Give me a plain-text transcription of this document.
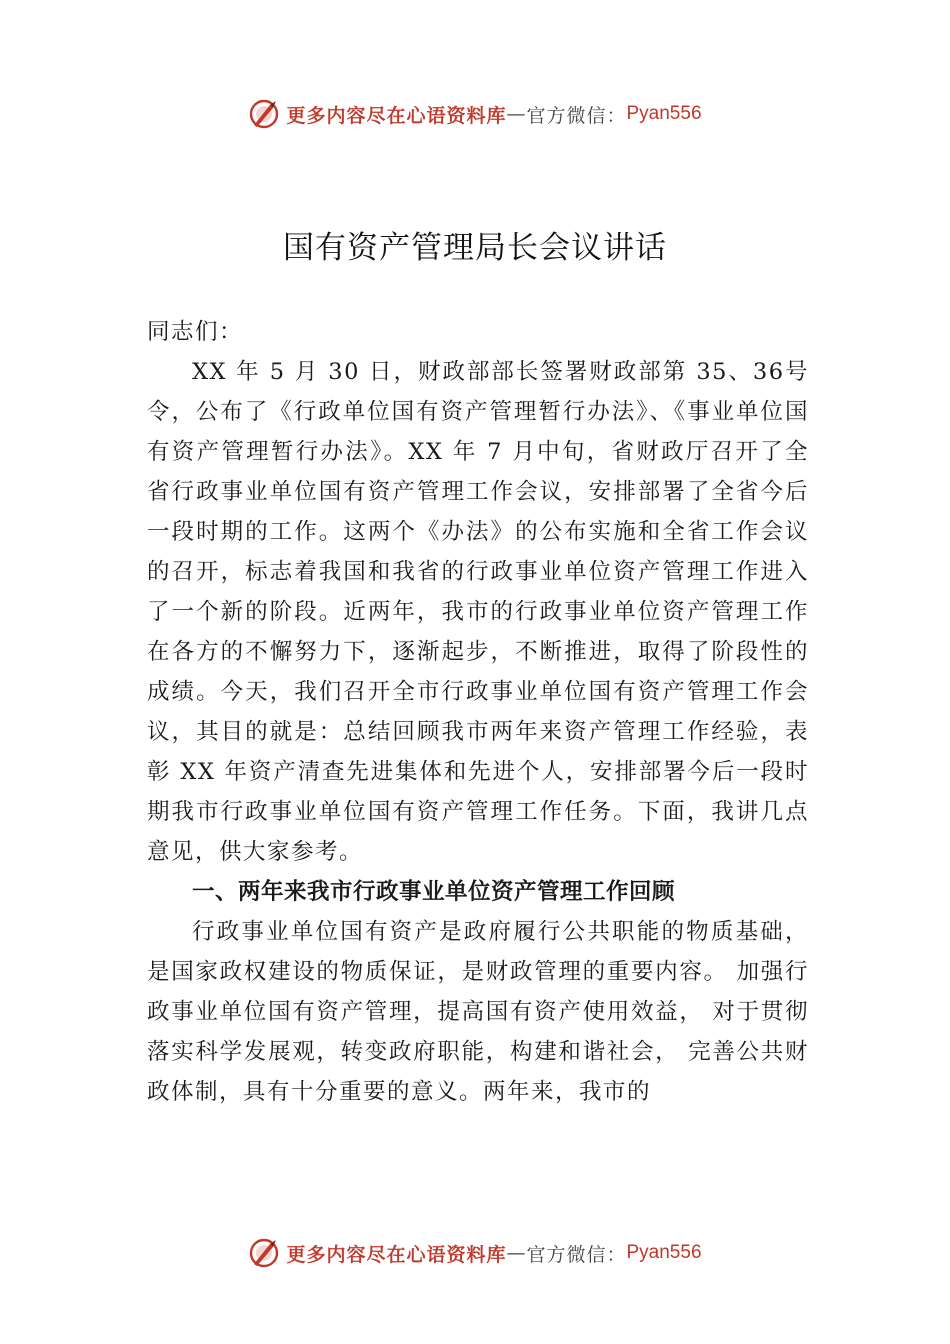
更多内容尽在心语资料库 — 官方微信： Pyan556
国有资产管理局长会议讲话

同志们：

XX 年 5 月 30 日，财政部部长签署财政部第 35、36号令，公布了《行政单位国有资产管理暂行办法》、《事业单位国有资产管理暂行办法》。XX 年 7 月中旬，省财政厅召开了全省行政事业单位国有资产管理工作会议，安排部署了全省今后一段时期的工作。这两个《办法》的公布实施和全省工作会议的召开，标志着我国和我省的行政事业单位资产管理工作进入了一个新的阶段。近两年，我市的行政事业单位资产管理工作在各方的不懈努力下，逐渐起步，不断推进，取得了阶段性的成绩。今天，我们召开全市行政事业单位国有资产管理工作会议，其目的就是：总结回顾我市两年来资产管理工作经验，表彰 XX 年资产清查先进集体和先进个人，安排部署今后一段时期我市行政事业单位国有资产管理工作任务。下面，我讲几点意见，供大家参考。

一、两年来我市行政事业单位资产管理工作回顾

行政事业单位国有资产是政府履行公共职能的物质基础，是国家政权建设的物质保证，是财政管理的重要内容。 加强行政事业单位国有资产管理，提高国有资产使用效益， 对于贯彻落实科学发展观，转变政府职能，构建和谐社会， 完善公共财政体制，具有十分重要的意义。两年来，我市的

更多内容尽在心语资料库 — 官方微信： Pyan556
